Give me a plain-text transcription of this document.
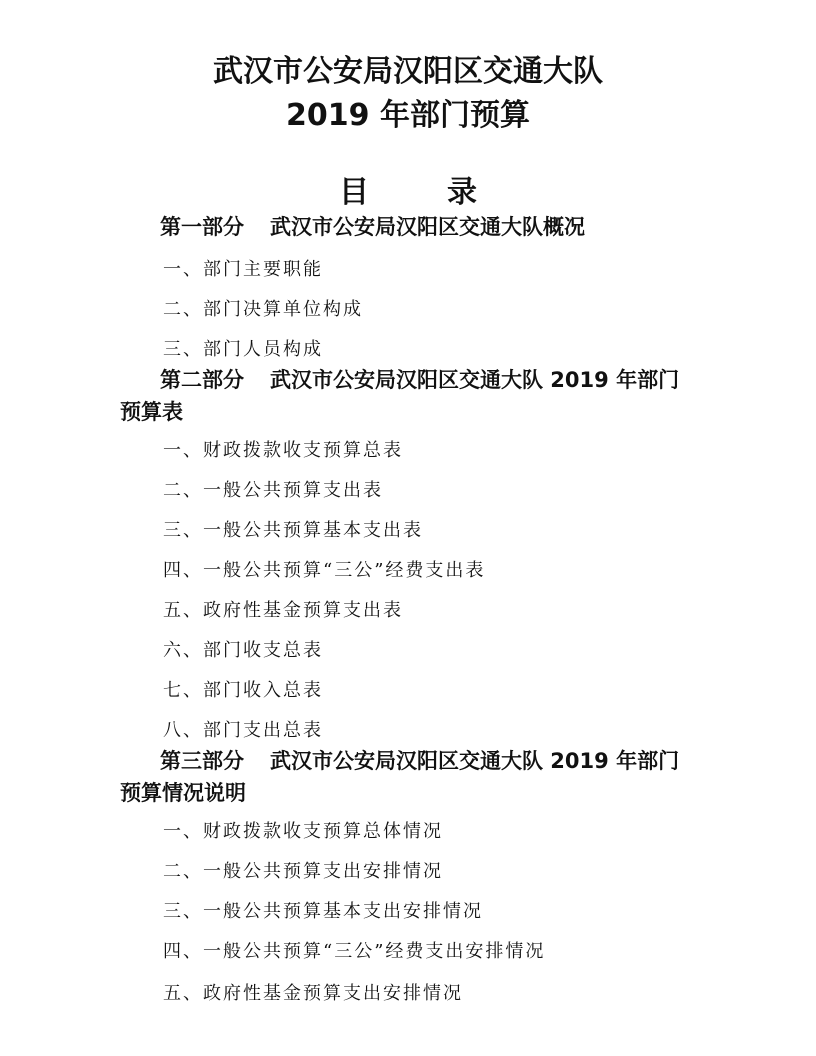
武汉市公安局汉阳区交通大队
2019 年部门预算
目录
第一部分 武汉市公安局汉阳区交通大队概况
一、部门主要职能
二、部门决算单位构成
三、部门人员构成
第二部分 武汉市公安局汉阳区交通大队 2019 年部门预算表
一、财政拨款收支预算总表
二、一般公共预算支出表
三、一般公共预算基本支出表
四、一般公共预算“三公”经费支出表
五、政府性基金预算支出表
六、部门收支总表
七、部门收入总表
八、部门支出总表
第三部分 武汉市公安局汉阳区交通大队 2019 年部门预算情况说明
一、财政拨款收支预算总体情况
二、一般公共预算支出安排情况
三、一般公共预算基本支出安排情况
四、一般公共预算“三公”经费支出安排情况
五、政府性基金预算支出安排情况
